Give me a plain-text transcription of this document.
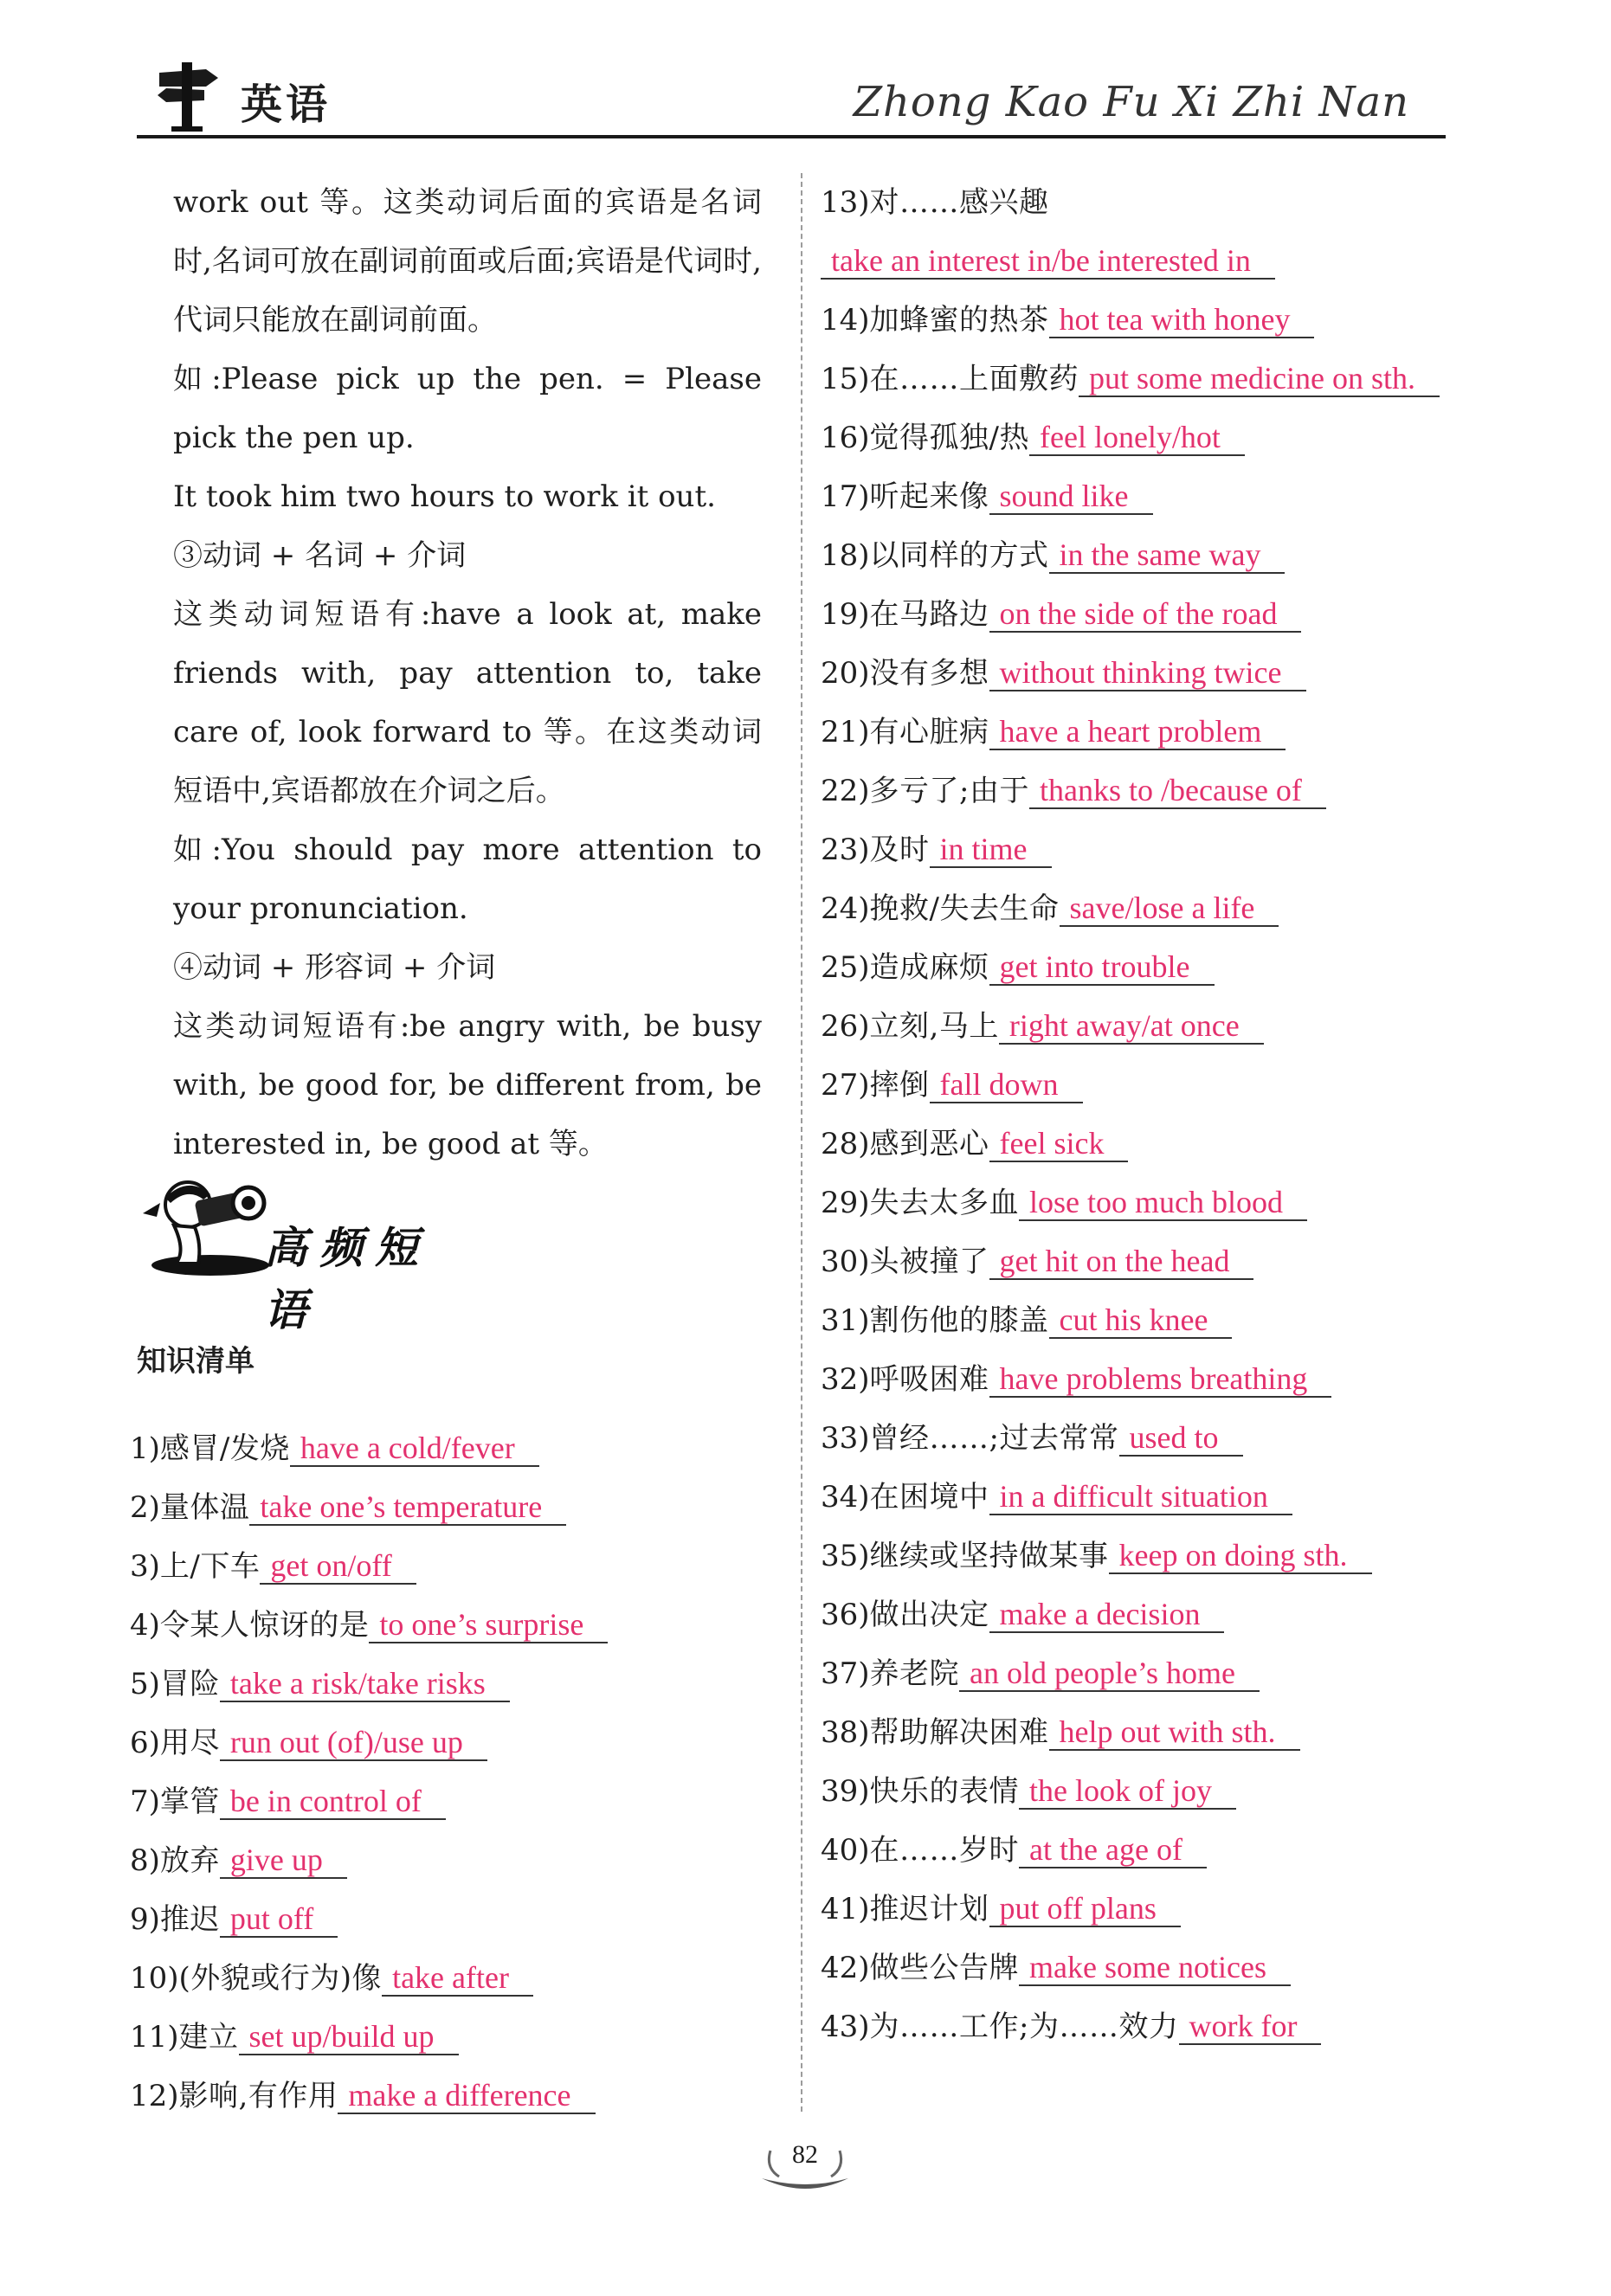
英语	Zhong Kao Fu Xi Zhi Nan

work out 等。这类动词后面的宾语是名词时,名词可放在副词前面或后面;宾语是代词时,代词只能放在副词前面。

如:Please pick up the pen. = Please pick the pen up.

It took him two hours to work it out.

③动词 + 名词 + 介词

这类动词短语有:have a look at, make friends with, pay attention to, take care of, look forward to 等。在这类动词短语中,宾语都放在介词之后。

如:You should pay more attention to your pronunciation.

④动词 + 形容词 + 介词

这类动词短语有:be angry with, be busy with, be good for, be different from, be interested in, be good at 等。

高频短语
知识清单
1)感冒/发烧 have a cold/fever
2)量体温 take one’s temperature
3)上/下车 get on/off
4)令某人惊讶的是 to one’s surprise
5)冒险 take a risk/take risks
6)用尽 run out (of)/use up
7)掌管 be in control of
8)放弃 give up
9)推迟 put off
10)(外貌或行为)像 take after
11)建立 set up/build up
12)影响,有作用 make a difference
13)对……感兴趣take an interest in/be interested in
14)加蜂蜜的热茶 hot tea with honey
15)在……上面敷药 put some medicine on sth.
16)觉得孤独/热 feel lonely/hot
17)听起来像 sound like
18)以同样的方式 in the same way
19)在马路边 on the side of the road
20)没有多想 without thinking twice
21)有心脏病 have a heart problem
22)多亏了;由于 thanks to /because of
23)及时 in time
24)挽救/失去生命 save/lose a life
25)造成麻烦 get into trouble
26)立刻,马上 right away/at once
27)摔倒 fall down
28)感到恶心 feel sick
29)失去太多血 lose too much blood
30)头被撞了 get hit on the head
31)割伤他的膝盖 cut his knee
32)呼吸困难 have problems breathing
33)曾经……;过去常常 used to
34)在困境中 in a difficult situation
35)继续或坚持做某事 keep on doing sth.
36)做出决定 make a decision
37)养老院 an old people’s home
38)帮助解决困难 help out with sth.
39)快乐的表情 the look of joy
40)在……岁时 at the age of
41)推迟计划 put off plans
42)做些公告牌 make some notices
43)为……工作;为……效力 work for
82
